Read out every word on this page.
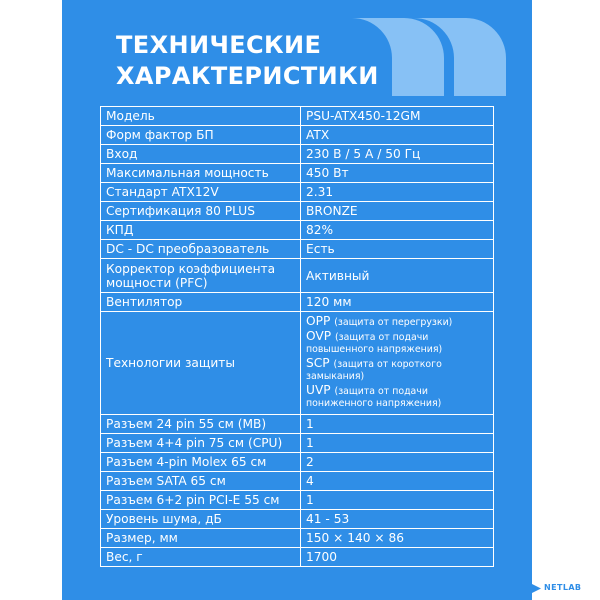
ТЕХНИЧЕСКИЕ
ХАРАКТЕРИСТИКИ
Модель	PSU-ATX450-12GM
Форм фактор БП	ATX
Вход	230 В / 5 А / 50 Гц
Максимальная мощность	450 Вт
Стандарт ATX12V	2.31
Сертификация 80 PLUS	BRONZE
КПД	82%
DC - DC преобразователь	Есть
Корректор коэффициента мощности (PFC)	Активный
Вентилятор	120 мм
Технологии защиты	OPP (защита от перегрузки)
OVP (защита от подачи повышенного напряжения)
SCP (защита от короткого замыкания)
UVP (защита от подачи пониженного напряжения)

Разъем 24 pin 55 см (MB)	1
Разъем 4+4 pin 75 см (CPU)	1
Разъем 4-pin Molex 65 см	2
Разъем SATA 65 см	4
Разъем 6+2 pin PCI-E 55 см	1
Уровень шума, дБ	41 - 53
Размер, мм	150 × 140 × 86
Вес, г	1700
NETLAB
